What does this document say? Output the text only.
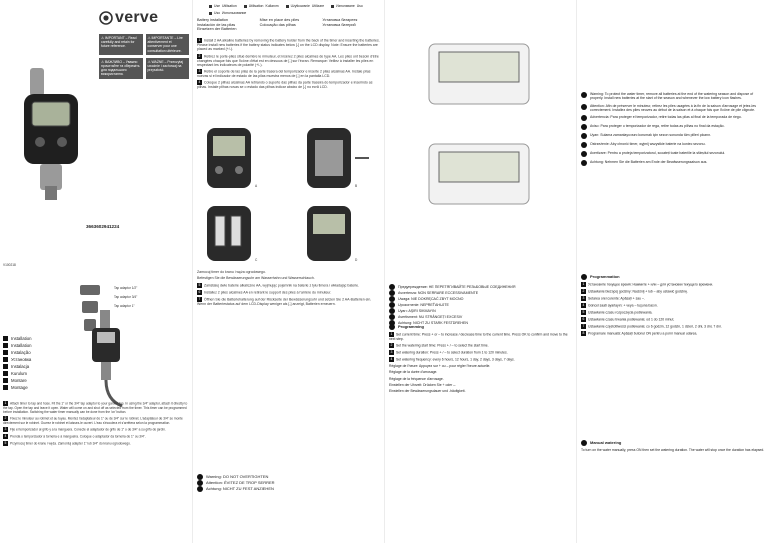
verve
⚠ IMPORTANT – Read carefully and retain for future reference.
⚠ IMPORTANTE – Lire attentivement et conserver pour une consultation ultérieure.
⚠ ВАЖЛИВО – Уважно прочитайте та збережіть для подальшого використання.
⚠ WAŻNE – Przeczytaj uważnie i zachowaj na przyszłość.
3663602941224
V100218
Tap adaptor 1/2"
Tap adaptor 3/4"
Tap adaptor 1"
Installation
Installation
Instalação
Установка
Instalacja
Kurulum
Montare
Montage

1 Attach timer to tap and hose. Fit the 1" or the 3/4" tap adaptor to your garden tap. In using the 3/4" adaptor, attach it directly to the tap. Open the tap and leave it open. Water will come on and shut off as selected from the timer. This timer can be programmed before installation. Switching the water timer manually can be done from the 'on' button.

2 Fixez le minuteur au robinet et au tuyau. Montez l'adaptateur de 1" ou de 3/4" sur le robinet. L'adaptateur de 3/4" se monte directement sur le robinet. Ouvrez le robinet et laissez-le ouvert. L'eau s'écoulera et s'arrêtera selon la programmation.

3 Fije el temporizador al grifo y a la manguera. Conecte el adaptador de grifo de 1" o de 3/4" a su grifo de jardín.

4 Prenda o temporizador à torneira e à mangueira. Coloque o adaptador da torneira de 1" ou 3/4".

5 Przymocuj timer do kranu i węża. Zamontuj adapter 1" lub 3/4" do kranu ogrodowego.

Use Utilisation	Utilisation Kullanım	Użytkowanie Utilizare	Използване Uso
Uso Использование
Battery installation	Mise en place des piles	Установка батареек
Instalación de las pilas	Colocação das pilhas	Установка батерий
Einsetzen der Batterien

1 Install 2 AA alkaline batteries by removing the battery holder from the back of the timer and inserting the batteries. Please install new batteries if the battery status indicates below [-] on the LCD display. Note: Ensure the batteries are placed as marked (+/-).

2 Retirez le porte-piles situé derrière le minuteur, et insérez 2 piles alcalines de type AA. Les piles ont besoin d'être changées chaque fois que l'icône d'état est en dessous de [-] sur l'écran. Remarque: Veillez à installer les piles en respectant les indicateurs de polarité (+/-).

3 Retire el soporte de las pilas de la parte trasera del temporizador e inserte 2 pilas alcalinas AA. Instale pilas nuevas si el indicador de estado de las pilas muestra menos de [-] en la pantalla LCD.

4 Coloque 2 pilhas alcalinas AA retirando o suporte das pilhas da parte traseira do temporizador e inserindo as pilhas. Instale pilhas novas se o estado das pilhas indicar abaixo de [-] no ecrã LCD.

A	B
C	D

Zamocuj timer do kranu i węża ogrodowego.

Befestigen Sie die Bewässerungsuhr am Wasserhahn und Wasserschlauch.

5 Zainstaluj dwie baterie alkaliczne AA, wyjmując pojemnik na baterie z tyłu timera i wkładając baterie.

6 Installez 2 piles alcalines AA en retirant le support des piles à l'arrière du minuteur.

7 Öffnen Sie die Batteriehalterung auf der Rückseite der Bewässerungsuhr und setzen Sie 2 AA-Batterien ein. Wenn der Batteriestatus auf dem LCD-Display weniger als [-] anzeigt, Batterien erneuern.

Warning: DO NOT OVERTIGHTEN
Attention: ÉVITEZ DE TROP SERRER
Achtung: NICHT ZU FEST ANZIEHEN
Предупреждение: НЕ ПЕРЕТЯГИВАЙТЕ РЕЗЬБОВЫЕ СОЕДИНЕНИЯ
Avvertenza: NON SERRARE ECCESSIVAMENTE
Uwaga: NIE DOKRĘCAĆ ZBYT MOCNO
Upozornenie: NEPREŤAHUJTE
Uyarı: AŞIRI SIKMAYIN
Avertisment: NU STRÂNGEȚI EXCESIV
Achtung: NICHT ZU STARK FESTDREHEN
Programming

1 Set current time: Press + or – to increase / decrease time to the current time. Press OK to confirm and move to the next step.

2 Set the watering start time: Press + / – to select the start time.

3 Set watering duration: Press + / – to select duration from 1 to 120 minutes.

4 Set watering frequency: every 6 hours, 12 hours, 1 day, 2 days, 3 days, 7 days.

Réglage de l'heure: Appuyez sur + ou – pour régler l'heure actuelle.

Réglage de la durée d'arrosage.

Réglage de la fréquence d'arrosage.

Einstellen der Uhrzeit: Drücken Sie + oder –.

Einstellen der Bewässerungsdauer und -häufigkeit.

Warning: To protect the water timer, remove all batteries at the end of the watering season and dispose of properly. Install new batteries at the start of the season and whenever the low battery icon flashes.

Attention: Afin de préserver le minuteur, retirez les piles usagées à la fin de la saison d'arrosage et jetez-les correctement. Installez des piles neuves au début de la saison et à chaque fois que l'icône de pile clignote.

Advertencia: Para proteger el temporizador, retire todas las pilas al final de la temporada de riego.

Aviso: Para proteger o temporizador de rega, retire todas as pilhas no final da estação.

Uyarı: Sulama zamanlayıcısını korumak için sezon sonunda tüm pilleri çıkarın.

Ostrzeżenie: Aby chronić timer, wyjmij wszystkie baterie na koniec sezonu.

Avertizare: Pentru a proteja temporizatorul, scoateți toate bateriile la sfârșitul sezonului.

Achtung: Nehmen Sie die Batterien am Ende der Bewässerungssaison aus.

Programmation

1 Установите текущее время: Нажмите + или – для установки текущего времени.

2 Ustawianie bieżącej godziny: Naciśnij + lub – aby ustawić godzinę.

3 Setarea orei curente: Apăsați + sau –.

4 Güncel saati ayarlayın: + veya – tuşuna basın.

5 Ustawianie czasu rozpoczęcia podlewania.

6 Ustawianie czasu trwania podlewania: od 1 do 120 minut.

7 Ustawianie częstotliwości podlewania: co 6 godzin, 12 godzin, 1 dzień, 2 dni, 3 dni, 7 dni.

8 Programare manuală: Apăsați butonul ON pentru a porni manual udarea.

Manual watering

To turn on the water manually, press ON then set the watering duration. The water will stop once the duration has elapsed.
